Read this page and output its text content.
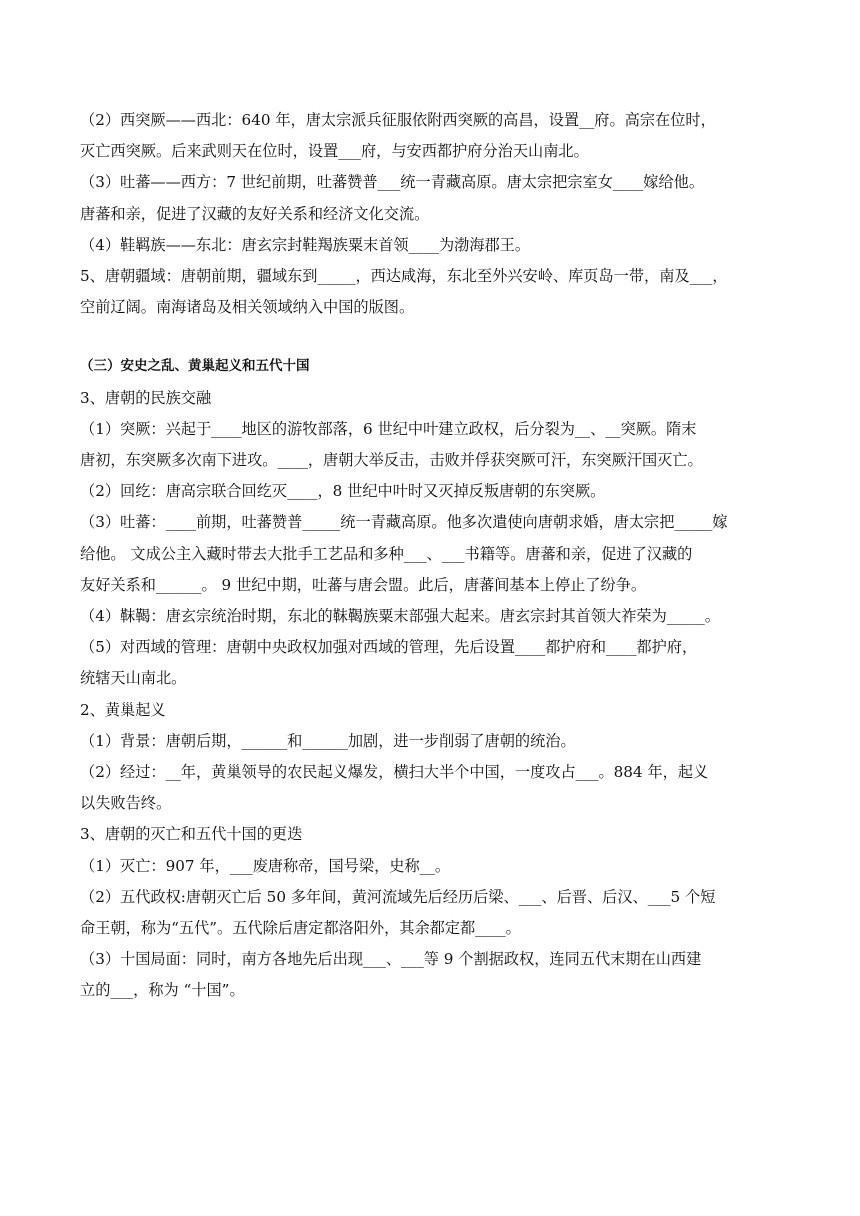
（2）西突厥——西北：640 年，唐太宗派兵征服依附西突厥的高昌，设置__府。高宗在位时，

灭亡西突厥。后来武则天在位时，设置___府，与安西都护府分治天山南北。

（3）吐蕃——西方：7 世纪前期，吐蕃赞普___统一青藏高原。唐太宗把宗室女____嫁给他。

唐蕃和亲，促进了汉藏的友好关系和经济文化交流。

（4）鞋羁族——东北：唐玄宗封鞋羯族粟末首领____为渤海郡王。

5、唐朝疆域：唐朝前期，疆域东到_____，西达咸海，东北至外兴安岭、库页岛一带，南及___，

空前辽阔。南海诸岛及相关领域纳入中国的版图。

（三）安史之乱、黄巢起义和五代十国

3、唐朝的民族交融

（1）突厥：兴起于____地区的游牧部落，6 世纪中叶建立政权，后分裂为__、__突厥。隋末

唐初，东突厥多次南下进攻。____，唐朝大举反击，击败并俘获突厥可汗，东突厥汗国灭亡。

（2）回纥：唐高宗联合回纥灭____，8 世纪中叶时又灭掉反叛唐朝的东突厥。

（3）吐蕃：____前期，吐蕃赞普_____统一青藏高原。他多次遣使向唐朝求婚，唐太宗把_____嫁

给他。 文成公主入藏时带去大批手工艺品和多种___、___书籍等。唐蕃和亲，促进了汉藏的

友好关系和______。 9 世纪中期，吐蕃与唐会盟。此后，唐蕃间基本上停止了纷争。

（4）靺鞨：唐玄宗统治时期，东北的靺鞨族粟末部强大起来。唐玄宗封其首领大祚荣为_____。

（5）对西域的管理：唐朝中央政权加强对西域的管理，先后设置____都护府和____都护府，

统辖天山南北。

2、黄巢起义

（1）背景：唐朝后期，______和______加剧，进一步削弱了唐朝的统治。

（2）经过：__年，黄巢领导的农民起义爆发，横扫大半个中国，一度攻占___。884 年，起义

以失败告终。

3、唐朝的灭亡和五代十国的更迭

（1）灭亡：907 年，___废唐称帝，国号梁，史称__。

（2）五代政权:唐朝灭亡后 50 多年间，黄河流域先后经历后梁、___、后晋、后汉、___5 个短

命王朝，称为“五代”。五代除后唐定都洛阳外，其余都定都____。

（3）十国局面：同时，南方各地先后出现___、___等 9 个割据政权，连同五代末期在山西建

立的___，称为 “十国”。
